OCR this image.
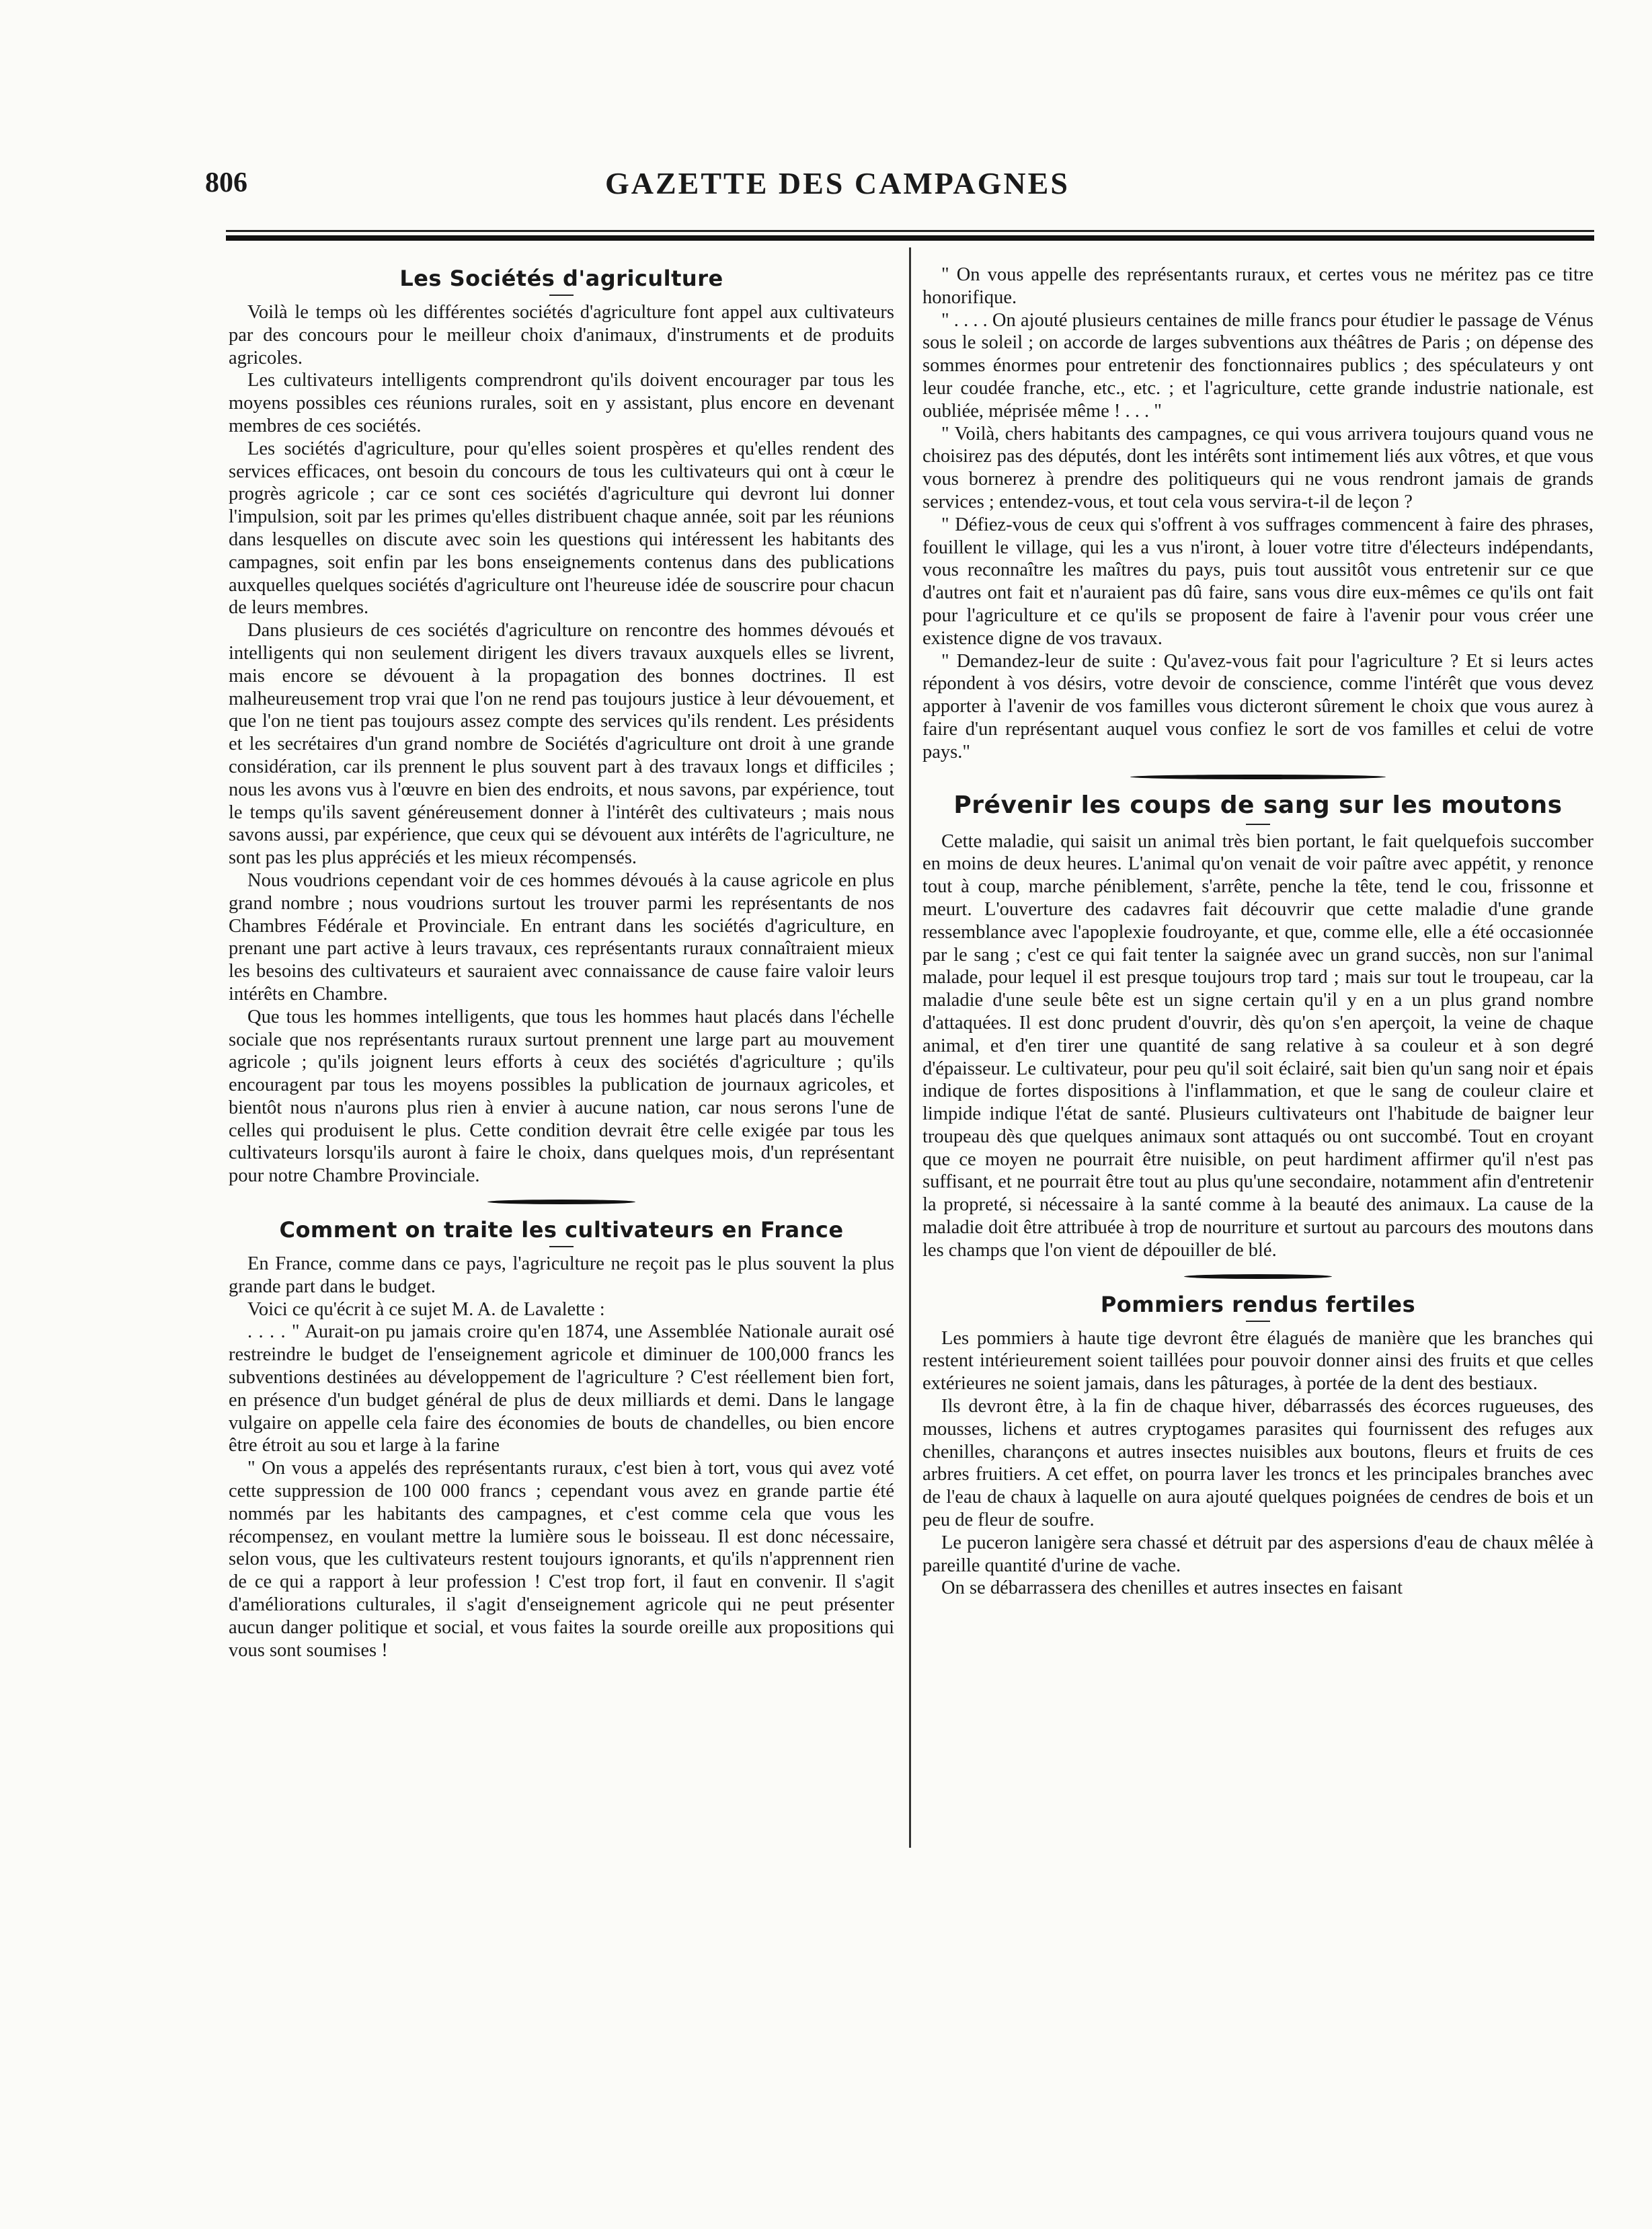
806	GAZETTE DES CAMPAGNES
Les Sociétés d'agriculture

Voilà le temps où les différentes sociétés d'agriculture font appel aux cultivateurs par des concours pour le meilleur choix d'animaux, d'instruments et de produits agricoles.

Les cultivateurs intelligents comprendront qu'ils doivent encourager par tous les moyens possibles ces réunions rurales, soit en y assistant, plus encore en devenant membres de ces sociétés.

Les sociétés d'agriculture, pour qu'elles soient prospères et qu'elles rendent des services efficaces, ont besoin du concours de tous les cultivateurs qui ont à cœur le progrès agricole ; car ce sont ces sociétés d'agriculture qui devront lui donner l'impulsion, soit par les primes qu'elles distribuent chaque année, soit par les réunions dans lesquelles on discute avec soin les questions qui intéressent les habitants des campagnes, soit enfin par les bons enseignements contenus dans des publications auxquelles quelques sociétés d'agriculture ont l'heureuse idée de souscrire pour chacun de leurs membres.

Dans plusieurs de ces sociétés d'agriculture on rencontre des hommes dévoués et intelligents qui non seulement dirigent les divers travaux auxquels elles se livrent, mais encore se dévouent à la propagation des bonnes doctrines. Il est malheureusement trop vrai que l'on ne rend pas toujours justice à leur dévouement, et que l'on ne tient pas toujours assez compte des services qu'ils rendent. Les présidents et les secrétaires d'un grand nombre de Sociétés d'agriculture ont droit à une grande considération, car ils prennent le plus souvent part à des travaux longs et difficiles ; nous les avons vus à l'œuvre en bien des endroits, et nous savons, par expérience, tout le temps qu'ils savent généreusement donner à l'intérêt des cultivateurs ; mais nous savons aussi, par expérience, que ceux qui se dévouent aux intérêts de l'agriculture, ne sont pas les plus appréciés et les mieux récompensés.

Nous voudrions cependant voir de ces hommes dévoués à la cause agricole en plus grand nombre ; nous voudrions surtout les trouver parmi les représentants de nos Chambres Fédérale et Provinciale. En entrant dans les sociétés d'agriculture, en prenant une part active à leurs travaux, ces représentants ruraux connaîtraient mieux les besoins des cultivateurs et sauraient avec connaissance de cause faire valoir leurs intérêts en Chambre.

Que tous les hommes intelligents, que tous les hommes haut placés dans l'échelle sociale que nos représentants ruraux surtout prennent une large part au mouvement agricole ; qu'ils joignent leurs efforts à ceux des sociétés d'agriculture ; qu'ils encouragent par tous les moyens possibles la publication de journaux agricoles, et bientôt nous n'aurons plus rien à envier à aucune nation, car nous serons l'une de celles qui produisent le plus. Cette condition devrait être celle exigée par tous les cultivateurs lorsqu'ils auront à faire le choix, dans quelques mois, d'un représentant pour notre Chambre Provinciale.

Comment on traite les cultivateurs en France

En France, comme dans ce pays, l'agriculture ne reçoit pas le plus souvent la plus grande part dans le budget.

Voici ce qu'écrit à ce sujet M. A. de Lavalette :

. . . . " Aurait-on pu jamais croire qu'en 1874, une Assemblée Nationale aurait osé restreindre le budget de l'enseignement agricole et diminuer de 100,000 francs les subventions destinées au développement de l'agriculture ? C'est réellement bien fort, en présence d'un budget général de plus de deux milliards et demi. Dans le langage vulgaire on appelle cela faire des économies de bouts de chandelles, ou bien encore être étroit au sou et large à la farine

" On vous a appelés des représentants ruraux, c'est bien à tort, vous qui avez voté cette suppression de 100 000 francs ; cependant vous avez en grande partie été nommés par les habitants des campagnes, et c'est comme cela que vous les récompensez, en voulant mettre la lumière sous le boisseau. Il est donc nécessaire, selon vous, que les cultivateurs restent toujours ignorants, et qu'ils n'apprennent rien de ce qui a rapport à leur profession ! C'est trop fort, il faut en convenir. Il s'agit d'améliorations culturales, il s'agit d'enseignement agricole qui ne peut présenter aucun danger politique et social, et vous faites la sourde oreille aux propositions qui vous sont soumises !

" On vous appelle des représentants ruraux, et certes vous ne méritez pas ce titre honorifique.

" . . . . On ajouté plusieurs centaines de mille francs pour étudier le passage de Vénus sous le soleil ; on accorde de larges subventions aux théâtres de Paris ; on dépense des sommes énormes pour entretenir des fonctionnaires publics ; des spéculateurs y ont leur coudée franche, etc., etc. ; et l'agriculture, cette grande industrie nationale, est oubliée, méprisée même ! . . . "

" Voilà, chers habitants des campagnes, ce qui vous arrivera toujours quand vous ne choisirez pas des députés, dont les intérêts sont intimement liés aux vôtres, et que vous vous bornerez à prendre des politiqueurs qui ne vous rendront jamais de grands services ; entendez-vous, et tout cela vous servira-t-il de leçon ?

" Défiez-vous de ceux qui s'offrent à vos suffrages commencent à faire des phrases, fouillent le village, qui les a vus n'iront, à louer votre titre d'électeurs indépendants, vous reconnaître les maîtres du pays, puis tout aussitôt vous entretenir sur ce que d'autres ont fait et n'auraient pas dû faire, sans vous dire eux-mêmes ce qu'ils ont fait pour l'agriculture et ce qu'ils se proposent de faire à l'avenir pour vous créer une existence digne de vos travaux.

" Demandez-leur de suite : Qu'avez-vous fait pour l'agriculture ? Et si leurs actes répondent à vos désirs, votre devoir de conscience, comme l'intérêt que vous devez apporter à l'avenir de vos familles vous dicteront sûrement le choix que vous aurez à faire d'un représentant auquel vous confiez le sort de vos familles et celui de votre pays."

Prévenir les coups de sang sur les moutons

Cette maladie, qui saisit un animal très bien portant, le fait quelquefois succomber en moins de deux heures. L'animal qu'on venait de voir paître avec appétit, y renonce tout à coup, marche péniblement, s'arrête, penche la tête, tend le cou, frissonne et meurt. L'ouverture des cadavres fait découvrir que cette maladie d'une grande ressemblance avec l'apoplexie foudroyante, et que, comme elle, elle a été occasionnée par le sang ; c'est ce qui fait tenter la saignée avec un grand succès, non sur l'animal malade, pour lequel il est presque toujours trop tard ; mais sur tout le troupeau, car la maladie d'une seule bête est un signe certain qu'il y en a un plus grand nombre d'attaquées. Il est donc prudent d'ouvrir, dès qu'on s'en aperçoit, la veine de chaque animal, et d'en tirer une quantité de sang relative à sa couleur et à son degré d'épaisseur. Le cultivateur, pour peu qu'il soit éclairé, sait bien qu'un sang noir et épais indique de fortes dispositions à l'inflammation, et que le sang de couleur claire et limpide indique l'état de santé. Plusieurs cultivateurs ont l'habitude de baigner leur troupeau dès que quelques animaux sont attaqués ou ont succombé. Tout en croyant que ce moyen ne pourrait être nuisible, on peut hardiment affirmer qu'il n'est pas suffisant, et ne pourrait être tout au plus qu'une secondaire, notamment afin d'entretenir la propreté, si nécessaire à la santé comme à la beauté des animaux. La cause de la maladie doit être attribuée à trop de nourriture et surtout au parcours des moutons dans les champs que l'on vient de dépouiller de blé.

Pommiers rendus fertiles

Les pommiers à haute tige devront être élagués de manière que les branches qui restent intérieurement soient taillées pour pouvoir donner ainsi des fruits et que celles extérieures ne soient jamais, dans les pâturages, à portée de la dent des bestiaux.

Ils devront être, à la fin de chaque hiver, débarrassés des écorces rugueuses, des mousses, lichens et autres cryptogames parasites qui fournissent des refuges aux chenilles, charançons et autres insectes nuisibles aux boutons, fleurs et fruits de ces arbres fruitiers. A cet effet, on pourra laver les troncs et les principales branches avec de l'eau de chaux à laquelle on aura ajouté quelques poignées de cendres de bois et un peu de fleur de soufre.

Le puceron lanigère sera chassé et détruit par des aspersions d'eau de chaux mêlée à pareille quantité d'urine de vache.

On se débarrassera des chenilles et autres insectes en faisant
